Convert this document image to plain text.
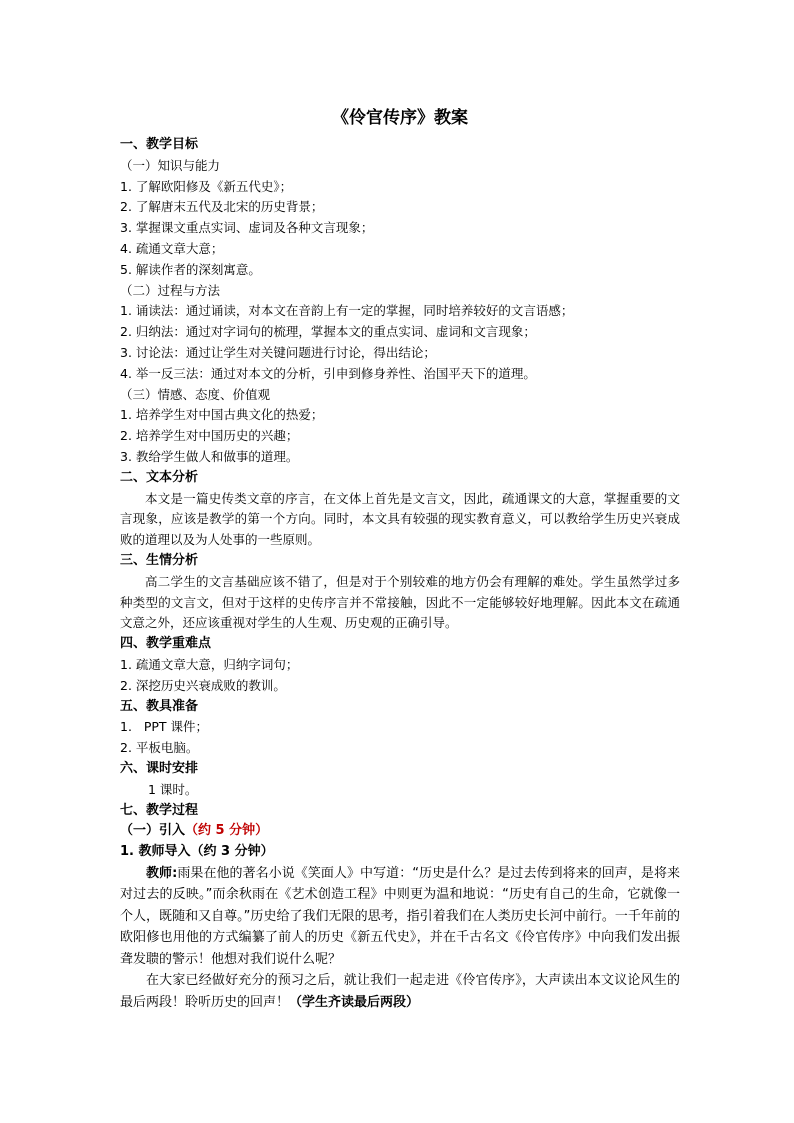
《伶官传序》教案
一、教学目标
（一）知识与能力
1. 了解欧阳修及《新五代史》；
2. 了解唐末五代及北宋的历史背景；
3. 掌握课文重点实词、虚词及各种文言现象；
4. 疏通文章大意；
5. 解读作者的深刻寓意。
（二）过程与方法
1. 诵读法：通过诵读，对本文在音韵上有一定的掌握，同时培养较好的文言语感；
2. 归纳法：通过对字词句的梳理，掌握本文的重点实词、虚词和文言现象；
3. 讨论法：通过让学生对关键问题进行讨论，得出结论；
4. 举一反三法：通过对本文的分析，引申到修身养性、治国平天下的道理。
（三）情感、态度、价值观
1. 培养学生对中国古典文化的热爱；
2. 培养学生对中国历史的兴趣；
3. 教给学生做人和做事的道理。
二、文本分析
本文是一篇史传类文章的序言，在文体上首先是文言文，因此，疏通课文的大意，掌握重要的文言现象，应该是教学的第一个方向。同时，本文具有较强的现实教育意义，可以教给学生历史兴衰成败的道理以及为人处事的一些原则。
三、生情分析
高二学生的文言基础应该不错了，但是对于个别较难的地方仍会有理解的难处。学生虽然学过多种类型的文言文，但对于这样的史传序言并不常接触，因此不一定能够较好地理解。因此本文在疏通文意之外，还应该重视对学生的人生观、历史观的正确引导。
四、教学重难点
1. 疏通文章大意，归纳字词句；
2. 深挖历史兴衰成败的教训。
五、教具准备
1.   PPT 课件；
2. 平板电脑。
六、课时安排
1 课时。
七、教学过程
（一）引入（约 5 分钟）
1. 教师导入（约 3 分钟）
教师:雨果在他的著名小说《笑面人》中写道：“历史是什么？是过去传到将来的回声，是将来对过去的反映。”而余秋雨在《艺术创造工程》中则更为温和地说：“历史有自己的生命，它就像一个人，既随和又自尊。”历史给了我们无限的思考，指引着我们在人类历史长河中前行。一千年前的欧阳修也用他的方式编纂了前人的历史《新五代史》，并在千古名文《伶官传序》中向我们发出振聋发聩的警示！他想对我们说什么呢？
在大家已经做好充分的预习之后，就让我们一起走进《伶官传序》，大声读出本文议论风生的最后两段！聆听历史的回声！（学生齐读最后两段）
